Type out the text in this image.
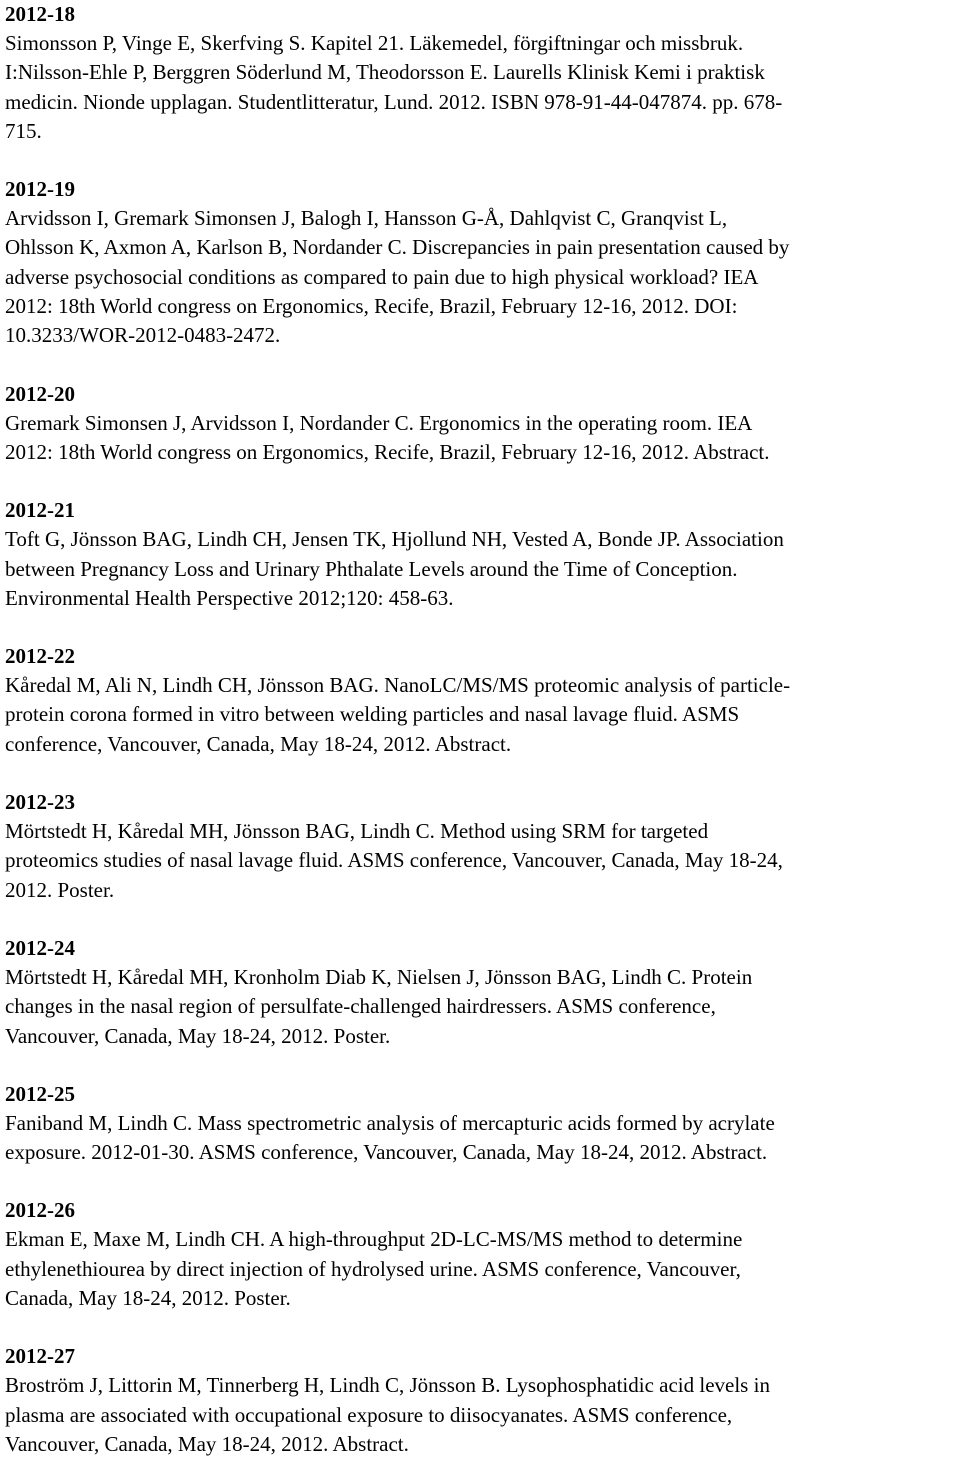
2012-18
Simonsson P, Vinge E, Skerfving S. Kapitel 21. Läkemedel, förgiftningar och missbruk.
I:Nilsson-Ehle P, Berggren Söderlund M, Theodorsson E. Laurells Klinisk Kemi i praktisk
medicin. Nionde upplagan. Studentlitteratur, Lund. 2012. ISBN 978-91-44-047874. pp. 678-
715.
2012-19
Arvidsson I, Gremark Simonsen J, Balogh I, Hansson G-Å, Dahlqvist C, Granqvist L,
Ohlsson K, Axmon A, Karlson B, Nordander C. Discrepancies in pain presentation caused by
adverse psychosocial conditions as compared to pain due to high physical workload? IEA
2012: 18th World congress on Ergonomics, Recife, Brazil, February 12-16, 2012. DOI:
10.3233/WOR-2012-0483-2472.
2012-20
Gremark Simonsen J, Arvidsson I, Nordander C. Ergonomics in the operating room. IEA
2012: 18th World congress on Ergonomics, Recife, Brazil, February 12-16, 2012. Abstract.
2012-21
Toft G, Jönsson BAG, Lindh CH, Jensen TK, Hjollund NH, Vested A, Bonde JP. Association
between Pregnancy Loss and Urinary Phthalate Levels around the Time of Conception.
Environmental Health Perspective 2012;120: 458-63.
2012-22
Kåredal M, Ali N, Lindh CH, Jönsson BAG. NanoLC/MS/MS proteomic analysis of particle-
protein corona formed in vitro between welding particles and nasal lavage fluid. ASMS
conference, Vancouver, Canada, May 18-24, 2012. Abstract.
2012-23
Mörtstedt H, Kåredal MH, Jönsson BAG, Lindh C. Method using SRM for targeted
proteomics studies of nasal lavage fluid. ASMS conference, Vancouver, Canada, May 18-24,
2012. Poster.
2012-24
Mörtstedt H, Kåredal MH, Kronholm Diab K, Nielsen J, Jönsson BAG, Lindh C. Protein
changes in the nasal region of persulfate-challenged hairdressers. ASMS conference,
Vancouver, Canada, May 18-24, 2012. Poster.
2012-25
Faniband M, Lindh C. Mass spectrometric analysis of mercapturic acids formed by acrylate
exposure. 2012-01-30. ASMS conference, Vancouver, Canada, May 18-24, 2012. Abstract.
2012-26
Ekman E, Maxe M, Lindh CH. A high-throughput 2D-LC-MS/MS method to determine
ethylenethiourea by direct injection of hydrolysed urine. ASMS conference, Vancouver,
Canada, May 18-24, 2012. Poster.
2012-27
Broström J, Littorin M, Tinnerberg H, Lindh C, Jönsson B. Lysophosphatidic acid levels in
plasma are associated with occupational exposure to diisocyanates. ASMS conference,
Vancouver, Canada, May 18-24, 2012. Abstract.
